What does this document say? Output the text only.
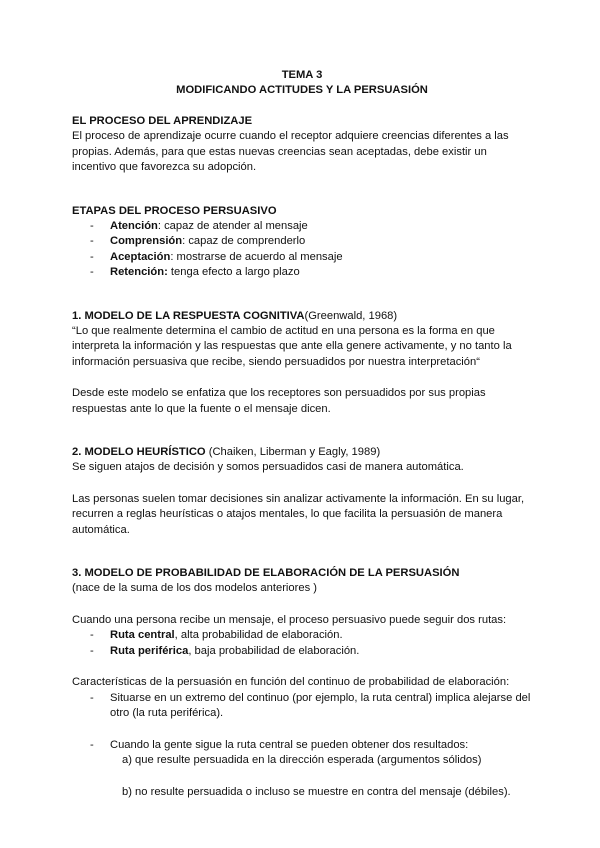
TEMA 3
MODIFICANDO ACTITUDES Y LA PERSUASIÓN
EL PROCESO DEL APRENDIZAJE

El proceso de aprendizaje ocurre cuando el receptor adquiere creencias diferentes a las propias. Además, para que estas nuevas creencias sean aceptadas, debe existir un incentivo que favorezca su adopción.

ETAPAS DEL PROCESO PERSUASIVO
- Atención: capaz de atender al mensaje
- Comprensión: capaz de comprenderlo
- Aceptación: mostrarse de acuerdo al mensaje
- Retención: tenga efecto a largo plazo
1. MODELO DE LA RESPUESTA COGNITIVA(Greenwald, 1968)

“Lo que realmente determina el cambio de actitud en una persona es la forma en que interpreta la información y las respuestas que ante ella genere activamente, y no tanto la información persuasiva que recibe, siendo persuadidos por nuestra interpretación“

Desde este modelo se enfatiza que los receptores son persuadidos por sus propias respuestas ante lo que la fuente o el mensaje dicen.

2. MODELO HEURÍSTICO (Chaiken, Liberman y Eagly, 1989)

Se siguen atajos de decisión y somos persuadidos casi de manera automática.

Las personas suelen tomar decisiones sin analizar activamente la información. En su lugar, recurren a reglas heurísticas o atajos mentales, lo que facilita la persuasión de manera automática.

3. MODELO DE PROBABILIDAD DE ELABORACIÓN DE LA PERSUASIÓN

(nace de la suma de los dos modelos anteriores )

Cuando una persona recibe un mensaje, el proceso persuasivo puede seguir dos rutas:

- Ruta central, alta probabilidad de elaboración.
- Ruta periférica, baja probabilidad de elaboración.

Características de la persuasión en función del continuo de probabilidad de elaboración:

- Situarse en un extremo del continuo (por ejemplo, la ruta central) implica alejarse del otro (la ruta periférica).
- Cuando la gente sigue la ruta central se pueden obtener dos resultados:
a) que resulte persuadida en la dirección esperada (argumentos sólidos)
b) no resulte persuadida o incluso se muestre en contra del mensaje (débiles).
